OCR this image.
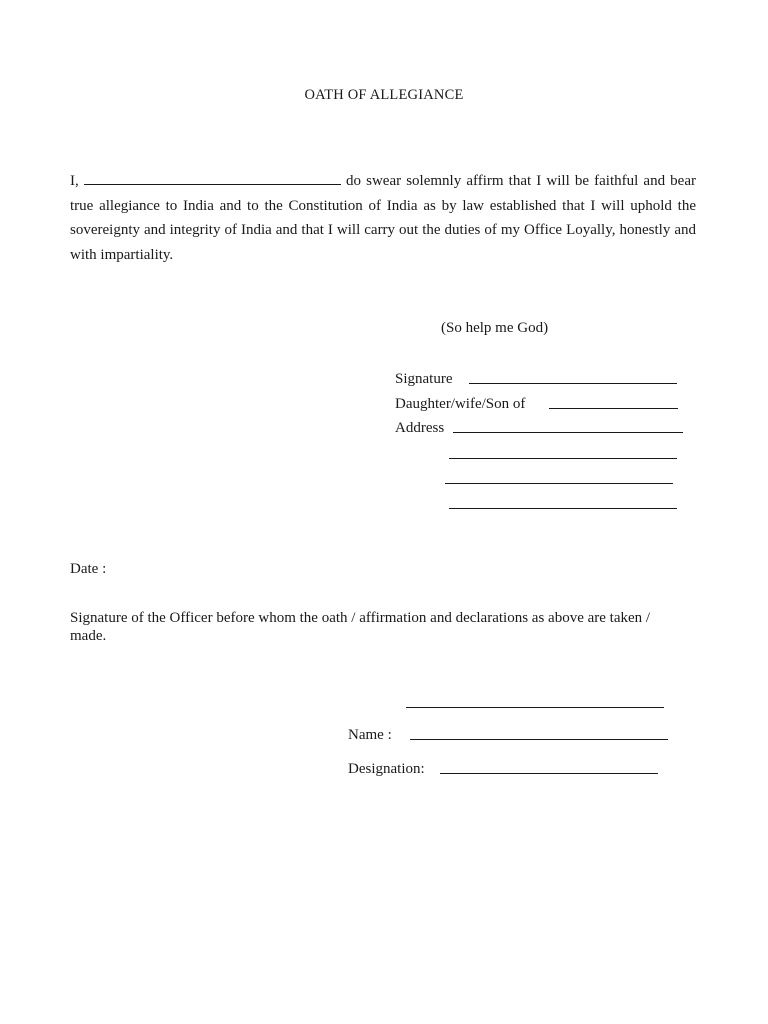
OATH OF ALLEGIANCE
I,	do swear solemnly affirm that I will be faithful and bear true allegiance to India and to the Constitution of India as by law established that I will uphold the sovereignty and integrity of India and that I will carry out the duties of my Office Loyally, honestly and with impartiality.
(So help me God)
Signature
Daughter/wife/Son of
Address
Date :
Signature of the Officer before whom the oath / affirmation and declarations as above are taken / made.
Name :
Designation:
